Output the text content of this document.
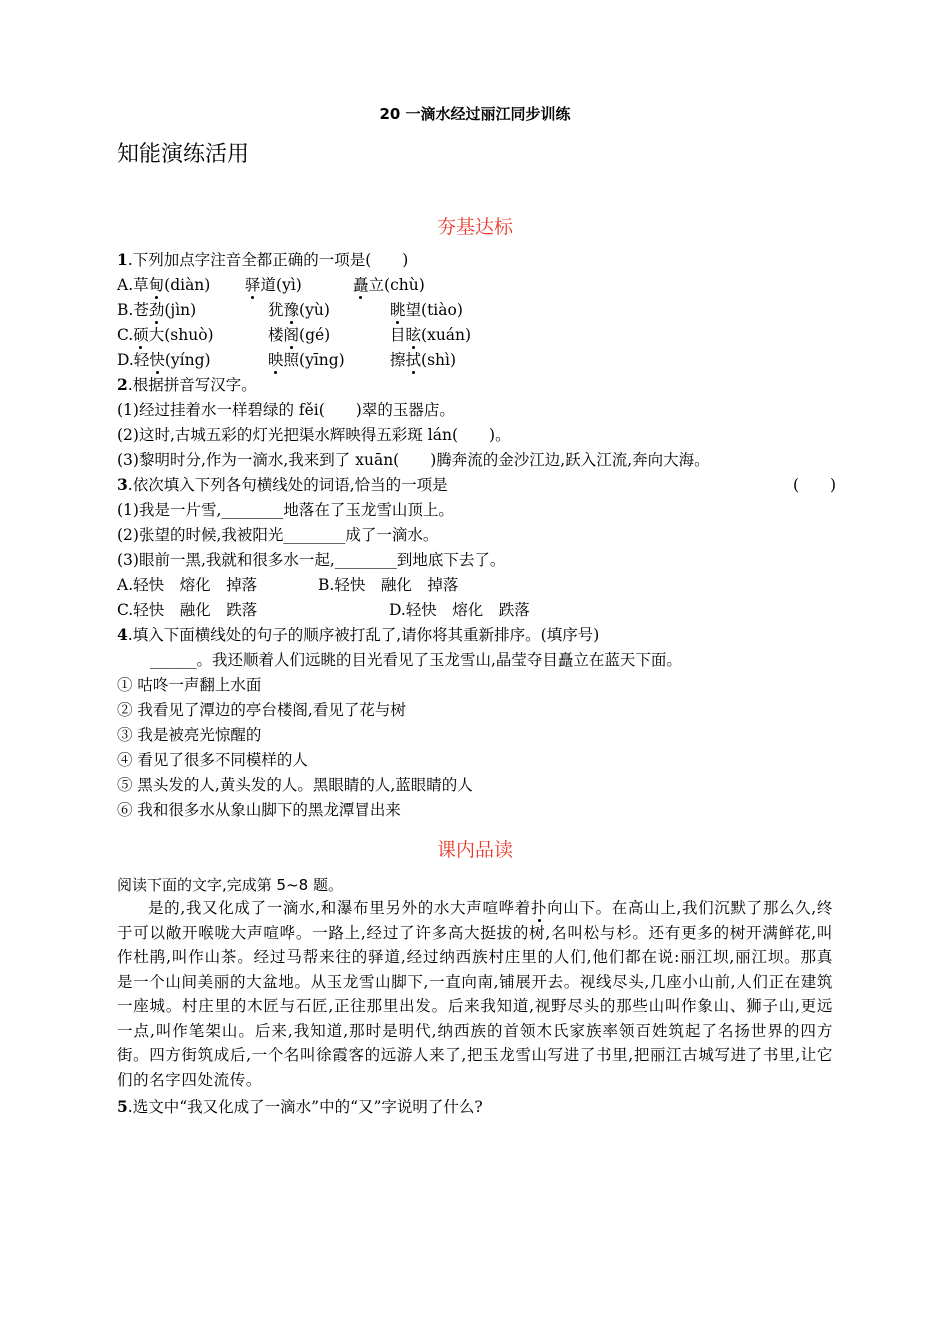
20 一滴水经过丽江同步训练
知能演练活用
夯基达标
1.下列加点字注音全都正确的一项是(　　)
A.草甸(diàn) 驿道(yì)	矗立(chù)
B.苍劲(jìn)	犹豫(yù)	眺望(tiào)
C.硕大(shuò)	楼阁(gé)	目眩(xuán)
D.轻快(yíng)	映照(yīng)	擦拭(shì)
2.根据拼音写汉字。
(1)经过挂着水一样碧绿的 fěi(　　)翠的玉器店。
(2)这时,古城五彩的灯光把渠水辉映得五彩斑 lán(　　)。
(3)黎明时分,作为一滴水,我来到了 xuān(　　)腾奔流的金沙江边,跃入江流,奔向大海。
3.依次填入下列各句横线处的词语,恰当的一项是	(　　)
(1)我是一片雪,________地落在了玉龙雪山顶上。
(2)张望的时候,我被阳光________成了一滴水。
(3)眼前一黑,我就和很多水一起,________到地底下去了。
A.轻快　熔化　掉落	B.轻快　融化　掉落
C.轻快　融化　跌落	D.轻快　熔化　跌落
4.填入下面横线处的句子的顺序被打乱了,请你将其重新排序。(填序号)
______。我还顺着人们远眺的目光看见了玉龙雪山,晶莹夺目矗立在蓝天下面。
① 咕咚一声翻上水面
② 我看见了潭边的亭台楼阁,看见了花与树
③ 我是被亮光惊醒的
④ 看见了很多不同模样的人
⑤ 黑头发的人,黄头发的人。黑眼睛的人,蓝眼睛的人
⑥ 我和很多水从象山脚下的黑龙潭冒出来
课内品读
阅读下面的文字,完成第 5~8 题。

是的,我又化成了一滴水,和瀑布里另外的水大声喧哗着扑向山下。在高山上,我们沉默了那么久,终于可以敞开喉咙大声喧哗。一路上,经过了许多高大挺拔的树,名叫松与杉。还有更多的树开满鲜花,叫作杜鹃,叫作山茶。经过马帮来往的驿道,经过纳西族村庄里的人们,他们都在说:丽江坝,丽江坝。那真是一个山间美丽的大盆地。从玉龙雪山脚下,一直向南,铺展开去。视线尽头,几座小山前,人们正在建筑一座城。村庄里的木匠与石匠,正往那里出发。后来我知道,视野尽头的那些山叫作象山、狮子山,更远一点,叫作笔架山。后来,我知道,那时是明代,纳西族的首领木氏家族率领百姓筑起了名扬世界的四方街。四方街筑成后,一个名叫徐霞客的远游人来了,把玉龙雪山写进了书里,把丽江古城写进了书里,让它们的名字四处流传。

5.选文中“我又化成了一滴水”中的“又”字说明了什么?
